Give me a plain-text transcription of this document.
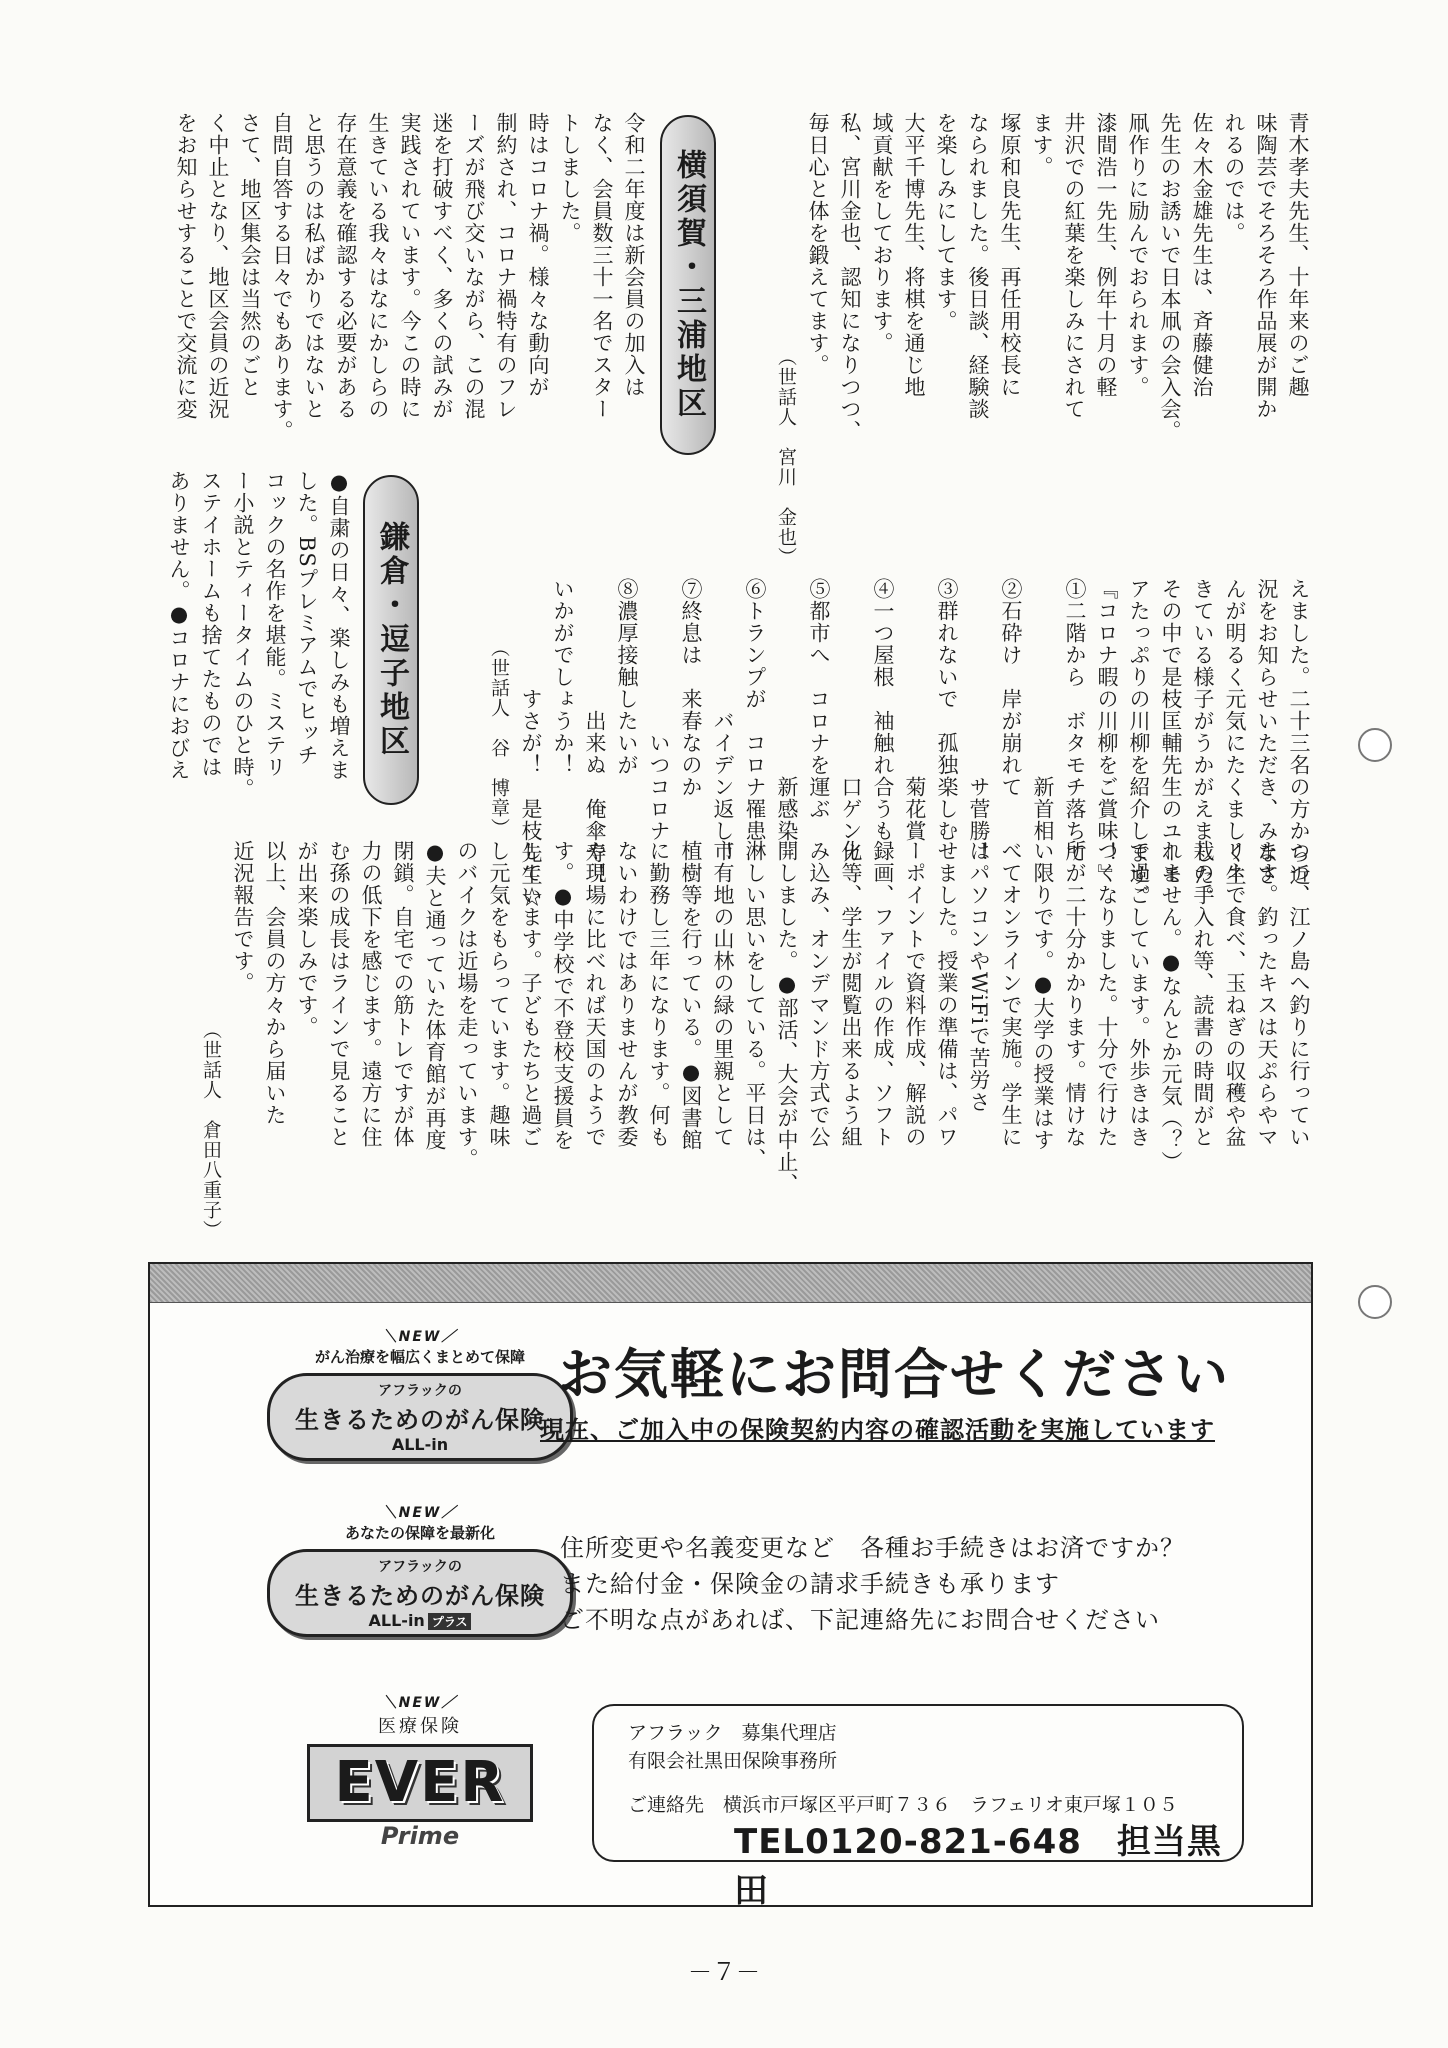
青木孝夫先生、十年来のご趣

味陶芸でそろそろ作品展が開か

れるのでは。

佐々木金雄先生は、斉藤健治

先生のお誘いで日本凧の会入会。

凧作りに励んでおられます。

漆間浩一先生、例年十月の軽

井沢での紅葉を楽しみにされて

ます。

塚原和良先生、再任用校長に

なられました。後日談、経験談

を楽しみにしてます。

大平千博先生、将棋を通じ地

域貢献をしております。

私、宮川金也、認知になりつつ、

毎日心と体を鍛えてます。

（世話人　宮川　金也）

横須賀・三浦地区

令和二年度は新会員の加入は

なく、会員数三十一名でスター

トしました。

時はコロナ禍。様々な動向が

制約され、コロナ禍特有のフレ

ーズが飛び交いながら、この混

迷を打破すべく、多くの試みが

実践されています。今この時に

生きている我々はなにかしらの

存在意義を確認する必要がある

と思うのは私ばかりではないと

自問自答する日々でもあります。

さて、地区集会は当然のごと

く中止となり、地区会員の近況

をお知らせすることで交流に変

えました。二十三名の方から近

況をお知らせいただき、みなさ

んが明るく元気にたくましく生

きている様子がうかがえました。

その中で是枝匡輔先生のユーモ

アたっぷりの川柳を紹介します。

『コロナ暇の川柳をご賞味！』

①二階から　ボタモチ落ちて

　　　　　　　　　新首相

②石砕け　岸が崩れて

　　　　　　　　　サ菅勝！

③群れないで　孤独楽しむ

　　　　　　　　　菊花賞

④一つ屋根　袖触れ合うも

　　　　　　　　　口ゲンカ

⑤都市へ　コロナを運ぶ

　　　　　　　　　新感染

⑥トランプが　コロナ罹患

　　　　　　バイデン返し！

⑦終息は　来春なのか

　　　　　　　いつコロナ

⑧濃厚接触したいが

　　　　　　出来ぬ　俺傘寿！

いかがでしょうか！

　　　　　すさが！　是枝先生☆

（世話人　谷　博章）

鎌倉・逗子地区

●自粛の日々、楽しみも増えま

した。BSプレミアムでヒッチ

コックの名作を堪能。ミステリ

ー小説とティータイムのひと時。

ステイホームも捨てたものでは

ありません。●コロナにおびえ

つつ、江ノ島へ釣りに行ってい

ます。釣ったキスは天ぷらやマ

リネで食べ、玉ねぎの収穫や盆

栽の手入れ等、読書の時間がと

れません。●なんとか元気（？）

で過ごしています。外歩きはき

つくなりました。十分で行けた

所が二十分かかります。情けな

い限りです。●大学の授業はす

べてオンラインで実施。学生に

はパソコンやWiFiで苦労さ

せました。授業の準備は、パワ

ーポイントで資料作成、解説の

録画、ファイルの作成、ソフト

化等、学生が閲覧出来るよう組

み込み、オンデマンド方式で公

開しました。●部活、大会が中止、

淋しい思いをしている。平日は、

市有地の山林の緑の里親として

植樹等を行っている。●図書館

に勤務し三年になります。何も

ないわけではありませんが教委

や現場に比べれば天国のようで

す。●中学校で不登校支援員を

しています。子どもたちと過ご

し元気をもらっています。趣味

のバイクは近場を走っています。

●夫と通っていた体育館が再度

閉鎖。自宅での筋トレですが体

力の低下を感じます。遠方に住

む孫の成長はラインで見ること

が出来楽しみです。

以上、会員の方々から届いた

近況報告です。

（世話人　倉田八重子）

＼NEW／
がん治療を幅広くまとめて保障
アフラックの
生きるためのがん保険
ALL-in
＼NEW／
あなたの保障を最新化
アフラックの
生きるためのがん保険
ALL-in プラス
＼NEW／
医療保険
EVER
Prime
お気軽にお問合せください
現在、ご加入中の保険契約内容の確認活動を実施しています
住所変更や名義変更など　各種お手続きはお済ですか？
また給付金・保険金の請求手続きも承ります
ご不明な点があれば、下記連絡先にお問合せください
アフラック　募集代理店
有限会社黒田保険事務所
ご連絡先　横浜市戸塚区平戸町７３６　ラフェリオ東戸塚１０５
TEL0120-821-648　担当黒田
－７－
